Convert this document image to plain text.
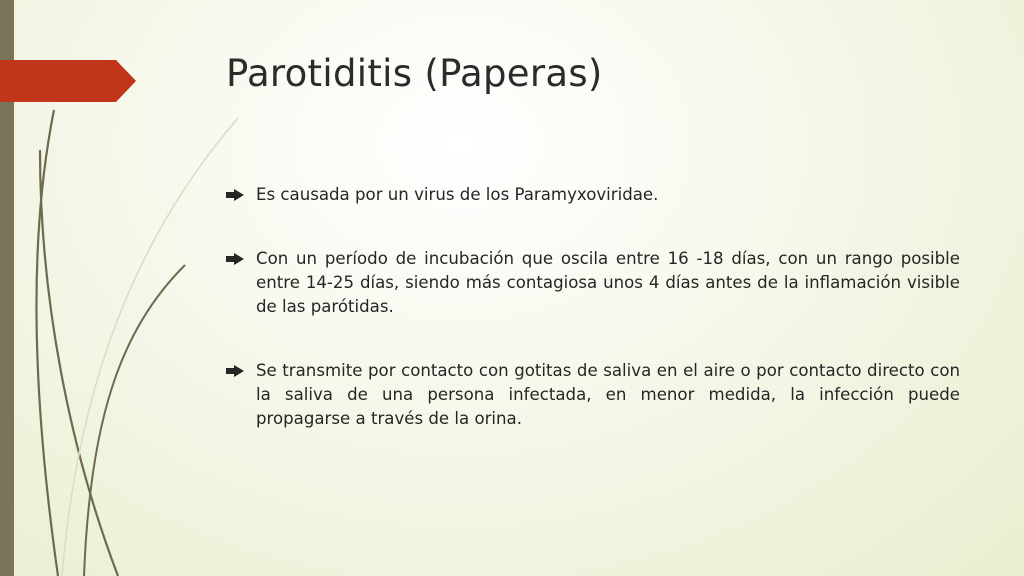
Parotiditis (Paperas)
Es causada por un virus de los Paramyxoviridae.
Con un período de incubación que oscila entre 16 -18 días, con un rango posible entre 14-25 días, siendo más contagiosa unos 4 días antes de la inflamación visible de las parótidas.
Se transmite por contacto con gotitas de saliva en el aire o por contacto directo con la saliva de una persona infectada, en menor medida, la infección puede propagarse a través de la orina.
